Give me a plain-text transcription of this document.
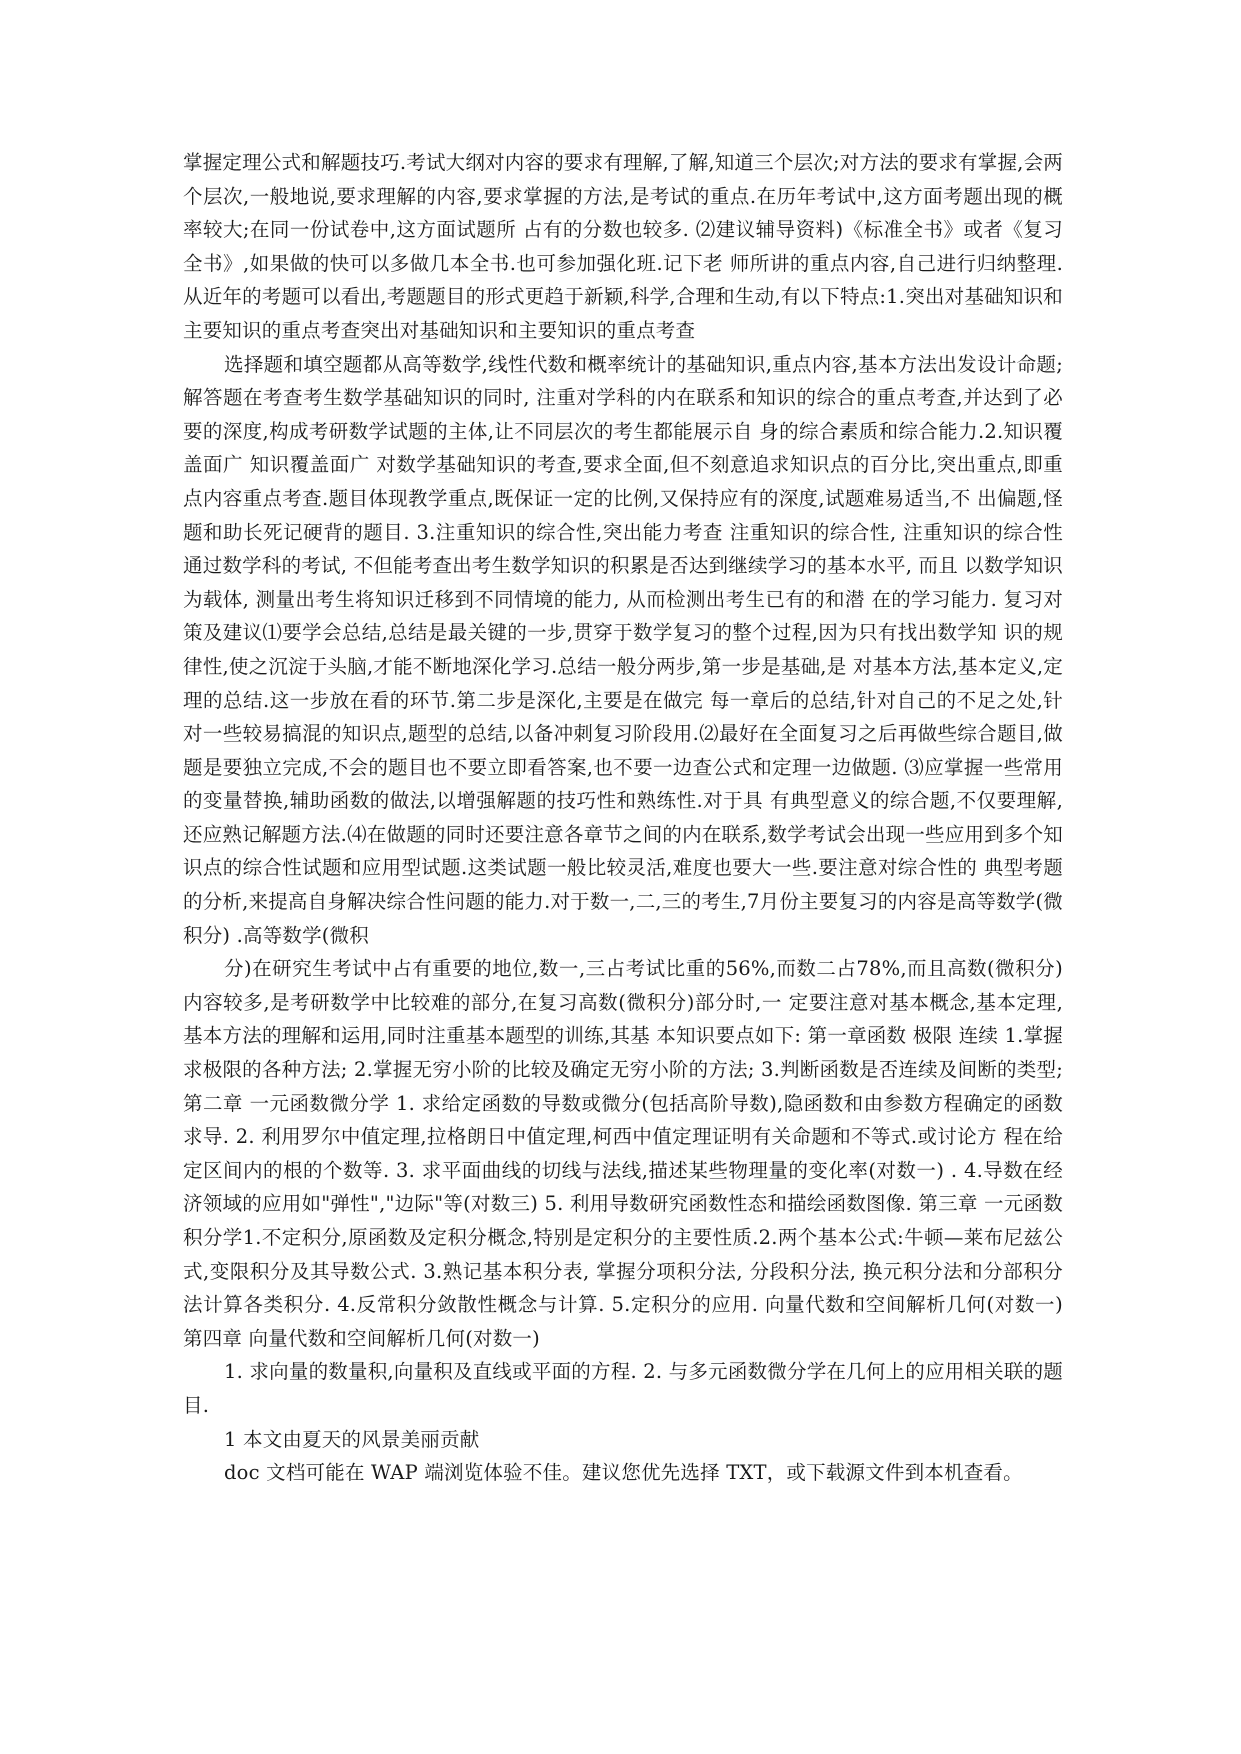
掌握定理公式和解题技巧.考试大纲对内容的要求有理解,了解,知道三个层次;对方法的要求有掌握,会两个层次,一般地说,要求理解的内容,要求掌握的方法,是考试的重点.在历年考试中,这方面考题出现的概率较大;在同一份试卷中,这方面试题所 占有的分数也较多. ⑵建议辅导资料)《标准全书》或者《复习全书》,如果做的快可以多做几本全书.也可参加强化班.记下老 师所讲的重点内容,自己进行归纳整理. 从近年的考题可以看出,考题题目的形式更趋于新颖,科学,合理和生动,有以下特点:1.突出对基础知识和主要知识的重点考查突出对基础知识和主要知识的重点考查

选择题和填空题都从高等数学,线性代数和概率统计的基础知识,重点内容,基本方法出发设计命题; 解答题在考查考生数学基础知识的同时, 注重对学科的内在联系和知识的综合的重点考查,并达到了必要的深度,构成考研数学试题的主体,让不同层次的考生都能展示自 身的综合素质和综合能力.2.知识覆盖面广 知识覆盖面广 对数学基础知识的考查,要求全面,但不刻意追求知识点的百分比,突出重点,即重点内容重点考查.题目体现教学重点,既保证一定的比例,又保持应有的深度,试题难易适当,不 出偏题,怪题和助长死记硬背的题目. 3.注重知识的综合性,突出能力考查 注重知识的综合性, 注重知识的综合性 通过数学科的考试, 不但能考查出考生数学知识的积累是否达到继续学习的基本水平, 而且 以数学知识为载体, 测量出考生将知识迁移到不同情境的能力, 从而检测出考生已有的和潜 在的学习能力. 复习对策及建议⑴要学会总结,总结是最关键的一步,贯穿于数学复习的整个过程,因为只有找出数学知 识的规律性,使之沉淀于头脑,才能不断地深化学习.总结一般分两步,第一步是基础,是 对基本方法,基本定义,定理的总结.这一步放在看的环节.第二步是深化,主要是在做完 每一章后的总结,针对自己的不足之处,针对一些较易搞混的知识点,题型的总结,以备冲刺复习阶段用.⑵最好在全面复习之后再做些综合题目,做题是要独立完成,不会的题目也不要立即看答案,也不要一边查公式和定理一边做题. ⑶应掌握一些常用的变量替换,辅助函数的做法,以增强解题的技巧性和熟练性.对于具 有典型意义的综合题,不仅要理解,还应熟记解题方法.⑷在做题的同时还要注意各章节之间的内在联系,数学考试会出现一些应用到多个知识点的综合性试题和应用型试题.这类试题一般比较灵活,难度也要大一些.要注意对综合性的 典型考题的分析,来提高自身解决综合性问题的能力.对于数一,二,三的考生,7月份主要复习的内容是高等数学(微积分) .高等数学(微积

分)在研究生考试中占有重要的地位,数一,三占考试比重的56%,而数二占78%,而且高数(微积分)内容较多,是考研数学中比较难的部分,在复习高数(微积分)部分时,一 定要注意对基本概念,基本定理,基本方法的理解和运用,同时注重基本题型的训练,其基 本知识要点如下: 第一章函数 极限 连续 1.掌握求极限的各种方法; 2.掌握无穷小阶的比较及确定无穷小阶的方法; 3.判断函数是否连续及间断的类型; 第二章 一元函数微分学 1. 求给定函数的导数或微分(包括高阶导数),隐函数和由参数方程确定的函数求导. 2. 利用罗尔中值定理,拉格朗日中值定理,柯西中值定理证明有关命题和不等式.或讨论方 程在给定区间内的根的个数等. 3. 求平面曲线的切线与法线,描述某些物理量的变化率(对数一) . 4.导数在经济领域的应用如"弹性","边际"等(对数三) 5. 利用导数研究函数性态和描绘函数图像. 第三章 一元函数积分学1.不定积分,原函数及定积分概念,特别是定积分的主要性质.2.两个基本公式:牛顿—莱布尼兹公式,变限积分及其导数公式. 3.熟记基本积分表, 掌握分项积分法, 分段积分法, 换元积分法和分部积分法计算各类积分. 4.反常积分敛散性概念与计算. 5.定积分的应用. 向量代数和空间解析几何(对数一) 第四章 向量代数和空间解析几何(对数一)

1. 求向量的数量积,向量积及直线或平面的方程. 2. 与多元函数微分学在几何上的应用相关联的题目.

1 本文由夏天的风景美丽贡献

doc 文档可能在 WAP 端浏览体验不佳。建议您优先选择 TXT，或下载源文件到本机查看。
